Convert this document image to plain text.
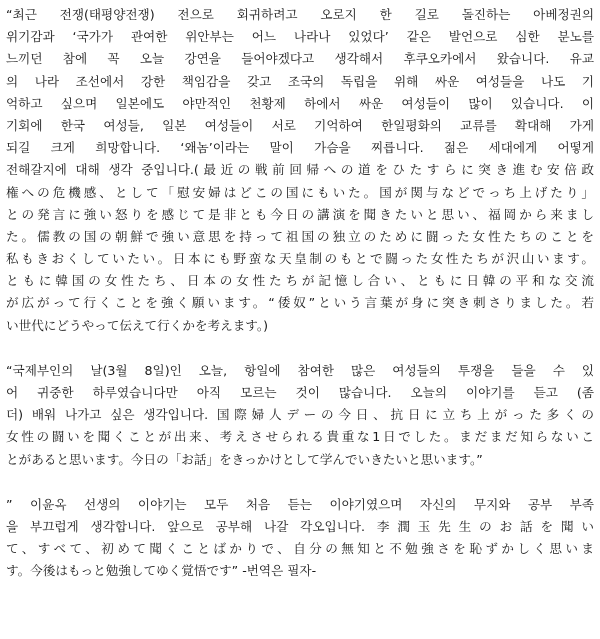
“최근 전쟁(태평양전쟁) 전으로 회귀하려고 오로지 한 길로 돌진하는 아베정권의
위기감과 ‘국가가 관여한 위안부는 어느 나라나 있었다’ 같은 발언으로 심한 분노를
느끼던 참에 꼭 오늘 강연을 들어야겠다고 생각해서 후쿠오카에서 왔습니다. 유교
의 나라 조선에서 강한 책임감을 갖고 조국의 독립을 위해 싸운 여성들을 나도 기
억하고 싶으며 일본에도 야만적인 천황제 하에서 싸운 여성들이 많이 있습니다. 이
기회에 한국 여성들, 일본 여성들이 서로 기억하여 한일평화의 교류를 확대해 가게
되길 크게 희망합니다. ‘왜놈’이라는 말이 가슴을 찌릅니다. 젊은 세대에게 어떻게
전해갈지에 대해 생각 중입니다.(最近の戦前回帰への道をひたすらに突き進む安倍政
権への危機感、として「慰安婦はどこの国にもいた。国が関与などでっち上げたり」
との発言に強い怒りを感じて是非とも今日の講演を聞きたいと思い、福岡から来まし
た。儒教の国の朝鮮で強い意思を持って祖国の独立のために闘った女性たちのことを
私もきおくしていたい。日本にも野蛮な天皇制のもとで闘った女性たちが沢山います。
ともに韓国の女性たち、日本の女性たちが記憶し合い、ともに日韓の平和な交流
が広がって行くことを強く願います。“倭奴”という言葉が身に突き刺さりました。若
い世代にどうやって伝えて行くかを考えます。)
“국제부인의 날(3월 8일)인 오늘, 항일에 참여한 많은 여성들의 투쟁을 들을 수 있
어 귀중한 하루였습니다만 아직 모르는 것이 많습니다. 오늘의 이야기를 듣고 (좀
더) 배워 나가고 싶은 생각입니다. 国際婦人デーの今日、抗日に立ち上がった多くの
女性の闘いを聞くことが出来、考えさせられる貴重な1日でした。まだまだ知らないこ
とがあると思います。今日の「お話」をきっかけとして学んでいきたいと思います。”
” 이윤옥 선생의 이야기는 모두 처음 듣는 이야기였으며 자신의 무지와 공부 부족
을 부끄럽게 생각합니다. 앞으로 공부해 나갈 각오입니다. 李潤玉先生のお話を聞い
て、すべて、初めて聞くことばかりで、自分の無知と不勉強さを恥ずかしく思いま
す。今後はもっと勉強してゆく覚悟です” -번역은 필자-
